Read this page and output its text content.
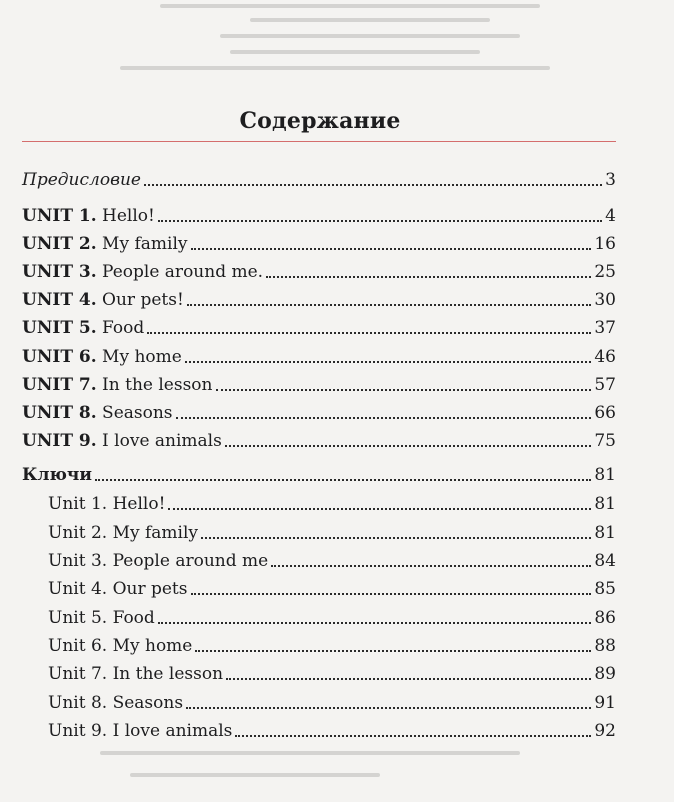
Содержание
Предисловие	3
UNIT 1. Hello!	4
UNIT 2. My family	16
UNIT 3. People around me.	25
UNIT 4. Our pets!	30
UNIT 5. Food	37
UNIT 6. My home	46
UNIT 7. In the lesson	57
UNIT 8. Seasons	66
UNIT 9. I love animals	75
Ключи	81
Unit 1. Hello!	81
Unit 2. My family	81
Unit 3. People around me	84
Unit 4. Our pets	85
Unit 5. Food	86
Unit 6. My home	88
Unit 7. In the lesson	89
Unit 8. Seasons	91
Unit 9. I love animals	92
